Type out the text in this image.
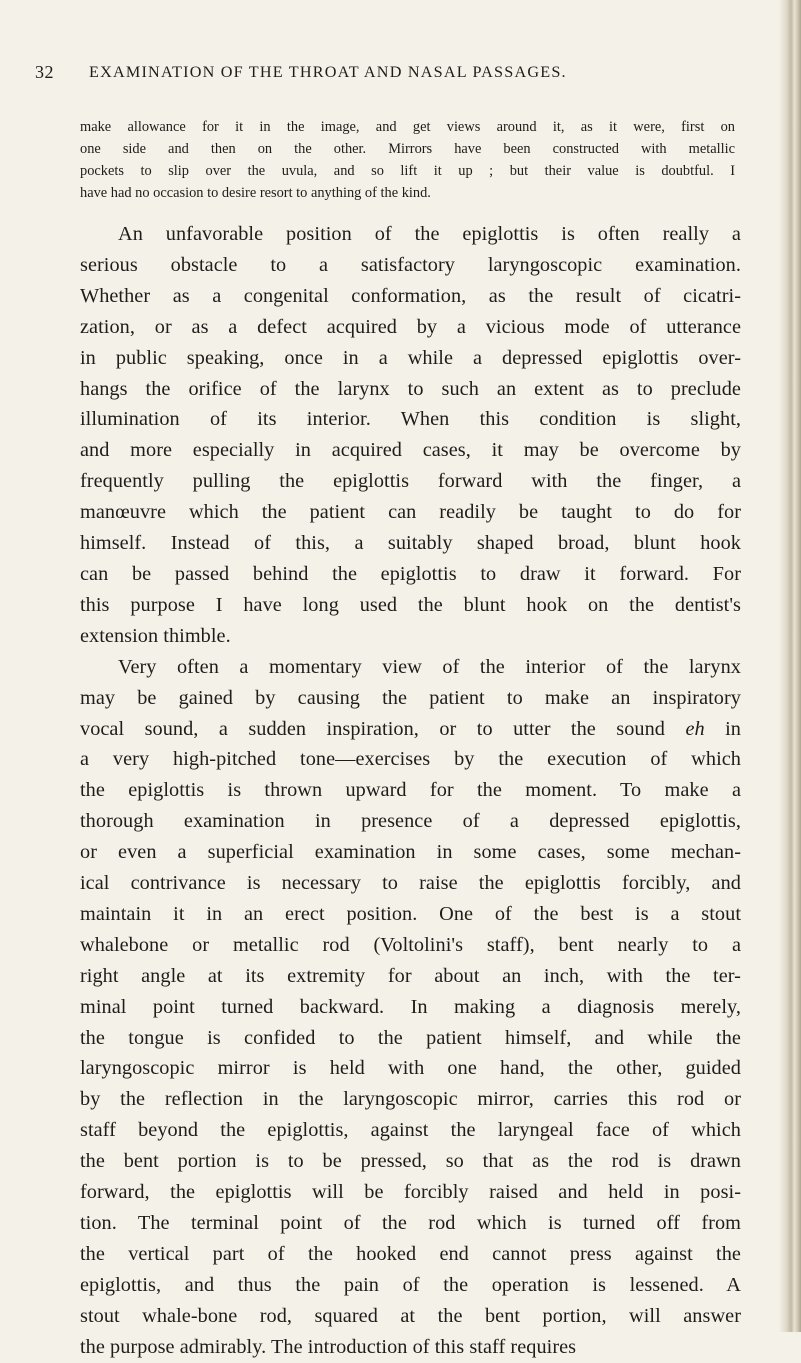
32 EXAMINATION OF THE THROAT AND NASAL PASSAGES.
make allowance for it in the image, and get views around it, as it were, first on
one side and then on the other. Mirrors have been constructed with metallic
pockets to slip over the uvula, and so lift it up ; but their value is doubtful. I
have had no occasion to desire resort to anything of the kind.

An unfavorable position of the epiglottis is often really a
serious obstacle to a satisfactory laryngoscopic examination.
Whether as a congenital conformation, as the result of cicatri-
zation, or as a defect acquired by a vicious mode of utterance
in public speaking, once in a while a depressed epiglottis over-
hangs the orifice of the larynx to such an extent as to preclude
illumination of its interior. When this condition is slight,
and more especially in acquired cases, it may be overcome by
frequently pulling the epiglottis forward with the finger, a
manœuvre which the patient can readily be taught to do for
himself. Instead of this, a suitably shaped broad, blunt hook
can be passed behind the epiglottis to draw it forward. For
this purpose I have long used the blunt hook on the dentist's
extension thimble.

Very often a momentary view of the interior of the larynx
may be gained by causing the patient to make an inspiratory
vocal sound, a sudden inspiration, or to utter the sound eh in
a very high-pitched tone—exercises by the execution of which
the epiglottis is thrown upward for the moment. To make a
thorough examination in presence of a depressed epiglottis,
or even a superficial examination in some cases, some mechan-
ical contrivance is necessary to raise the epiglottis forcibly, and
maintain it in an erect position. One of the best is a stout
whalebone or metallic rod (Voltolini's staff), bent nearly to a
right angle at its extremity for about an inch, with the ter-
minal point turned backward. In making a diagnosis merely,
the tongue is confided to the patient himself, and while the
laryngoscopic mirror is held with one hand, the other, guided
by the reflection in the laryngoscopic mirror, carries this rod or
staff beyond the epiglottis, against the laryngeal face of which
the bent portion is to be pressed, so that as the rod is drawn
forward, the epiglottis will be forcibly raised and held in posi-
tion. The terminal point of the rod which is turned off from
the vertical part of the hooked end cannot press against the
epiglottis, and thus the pain of the operation is lessened. A
stout whale-bone rod, squared at the bent portion, will answer
the purpose admirably. The introduction of this staff requires
